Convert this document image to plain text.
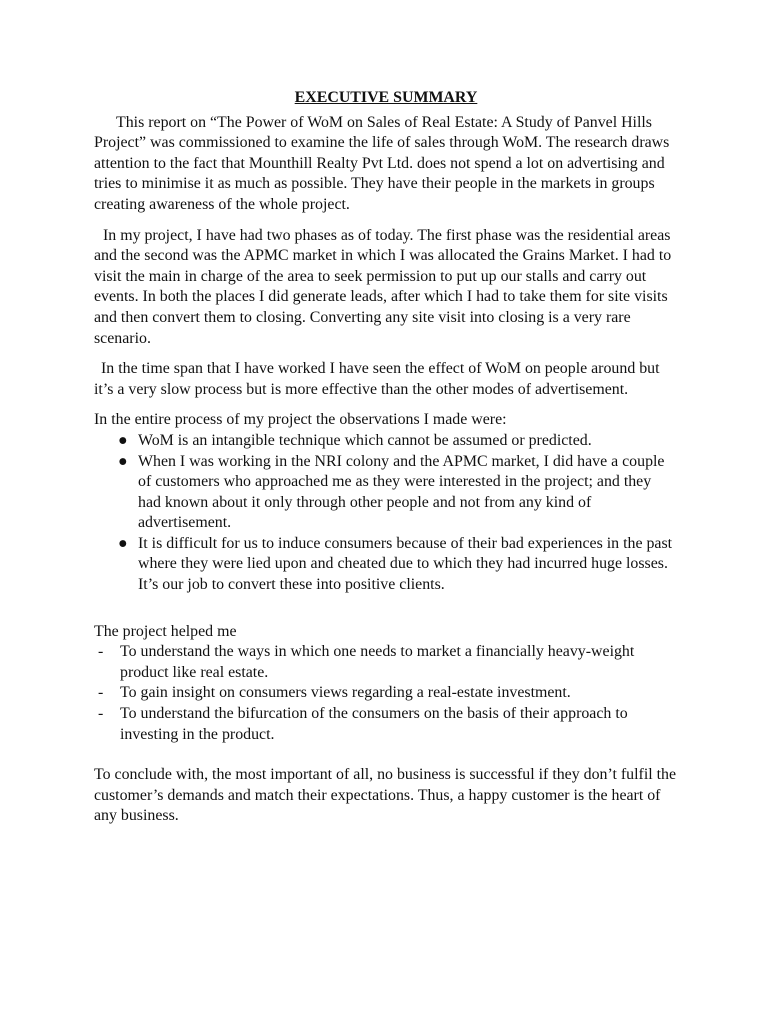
EXECUTIVE SUMMARY

This report on “The Power of WoM on Sales of Real Estate: A Study of Panvel Hills Project” was commissioned to examine the life of sales through WoM. The research draws attention to the fact that Mounthill Realty Pvt Ltd. does not spend a lot on advertising and tries to minimise it as much as possible. They have their people in the markets in groups creating awareness of the whole project.

In my project, I have had two phases as of today. The first phase was the residential areas and the second was the APMC market in which I was allocated the Grains Market. I had to visit the main in charge of the area to seek permission to put up our stalls and carry out events. In both the places I did generate leads, after which I had to take them for site visits and then convert them to closing. Converting any site visit into closing is a very rare scenario.

In the time span that I have worked I have seen the effect of WoM on people around but it’s a very slow process but is more effective than the other modes of advertisement.

In the entire process of my project the observations I made were:

● WoM is an intangible technique which cannot be assumed or predicted.
● When I was working in the NRI colony and the APMC market, I did have a couple of customers who approached me as they were interested in the project; and they had known about it only through other people and not from any kind of advertisement.
● It is difficult for us to induce consumers because of their bad experiences in the past where they were lied upon and cheated due to which they had incurred huge losses. It’s our job to convert these into positive clients.

The project helped me

- To understand the ways in which one needs to market a financially heavy-weight product like real estate.
- To gain insight on consumers views regarding a real-estate investment.
- To understand the bifurcation of the consumers on the basis of their approach to investing in the product.

To conclude with, the most important of all, no business is successful if they don’t fulfil the customer’s demands and match their expectations. Thus, a happy customer is the heart of any business.
